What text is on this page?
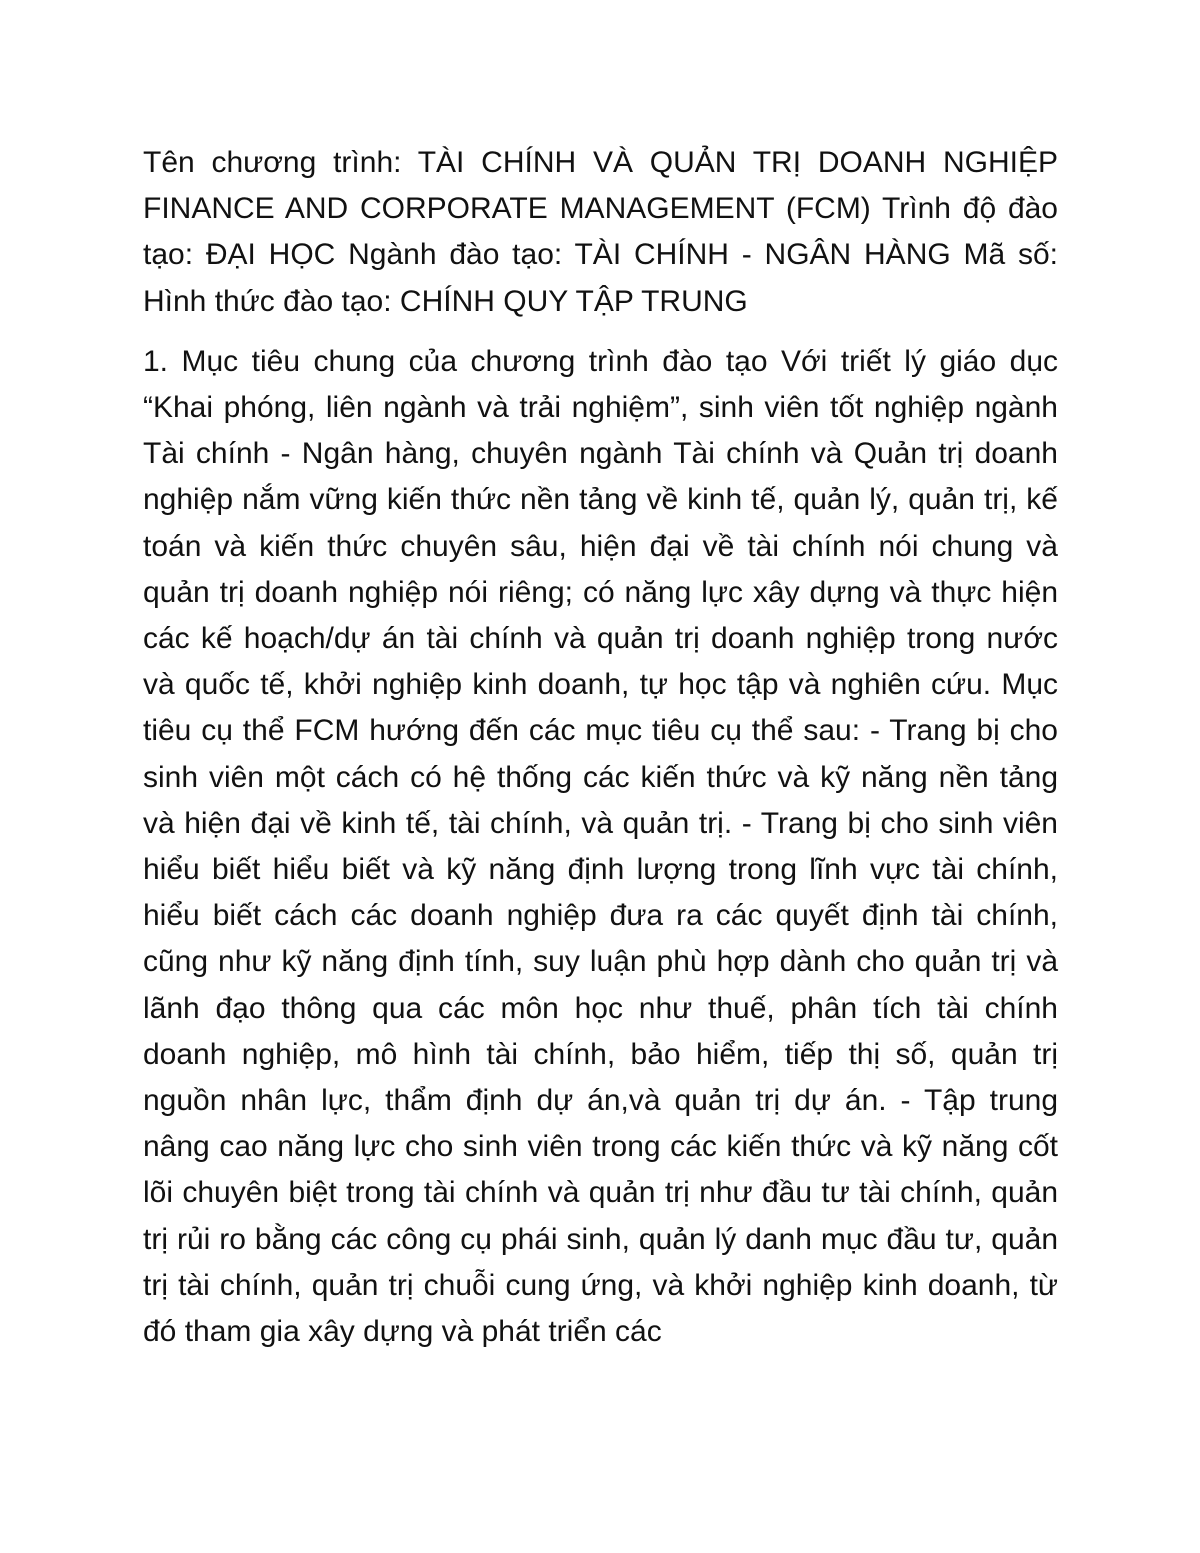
Tên chương trình: TÀI CHÍNH VÀ QUẢN TRỊ DOANH NGHIỆP FINANCE AND CORPORATE MANAGEMENT (FCM) Trình độ đào tạo: ĐẠI HỌC Ngành đào tạo: TÀI CHÍNH - NGÂN HÀNG Mã số: Hình thức đào tạo: CHÍNH QUY TẬP TRUNG

1. Mục tiêu chung của chương trình đào tạo Với triết lý giáo dục “Khai phóng, liên ngành và trải nghiệm”, sinh viên tốt nghiệp ngành Tài chính - Ngân hàng, chuyên ngành Tài chính và Quản trị doanh nghiệp nắm vững kiến thức nền tảng về kinh tế, quản lý, quản trị, kế toán và kiến thức chuyên sâu, hiện đại về tài chính nói chung và quản trị doanh nghiệp nói riêng; có năng lực xây dựng và thực hiện các kế hoạch/dự án tài chính và quản trị doanh nghiệp trong nước và quốc tế, khởi nghiệp kinh doanh, tự học tập và nghiên cứu. Mục tiêu cụ thể FCM hướng đến các mục tiêu cụ thể sau: - Trang bị cho sinh viên một cách có hệ thống các kiến thức và kỹ năng nền tảng và hiện đại về kinh tế, tài chính, và quản trị. - Trang bị cho sinh viên hiểu biết hiểu biết và kỹ năng định lượng trong lĩnh vực tài chính, hiểu biết cách các doanh nghiệp đưa ra các quyết định tài chính, cũng như kỹ năng định tính, suy luận phù hợp dành cho quản trị và lãnh đạo thông qua các môn học như thuế, phân tích tài chính doanh nghiệp, mô hình tài chính, bảo hiểm, tiếp thị số, quản trị nguồn nhân lực, thẩm định dự án,và quản trị dự án. - Tập trung nâng cao năng lực cho sinh viên trong các kiến thức và kỹ năng cốt lõi chuyên biệt trong tài chính và quản trị như đầu tư tài chính, quản trị rủi ro bằng các công cụ phái sinh, quản lý danh mục đầu tư, quản trị tài chính, quản trị chuỗi cung ứng, và khởi nghiệp kinh doanh, từ đó tham gia xây dựng và phát triển các
